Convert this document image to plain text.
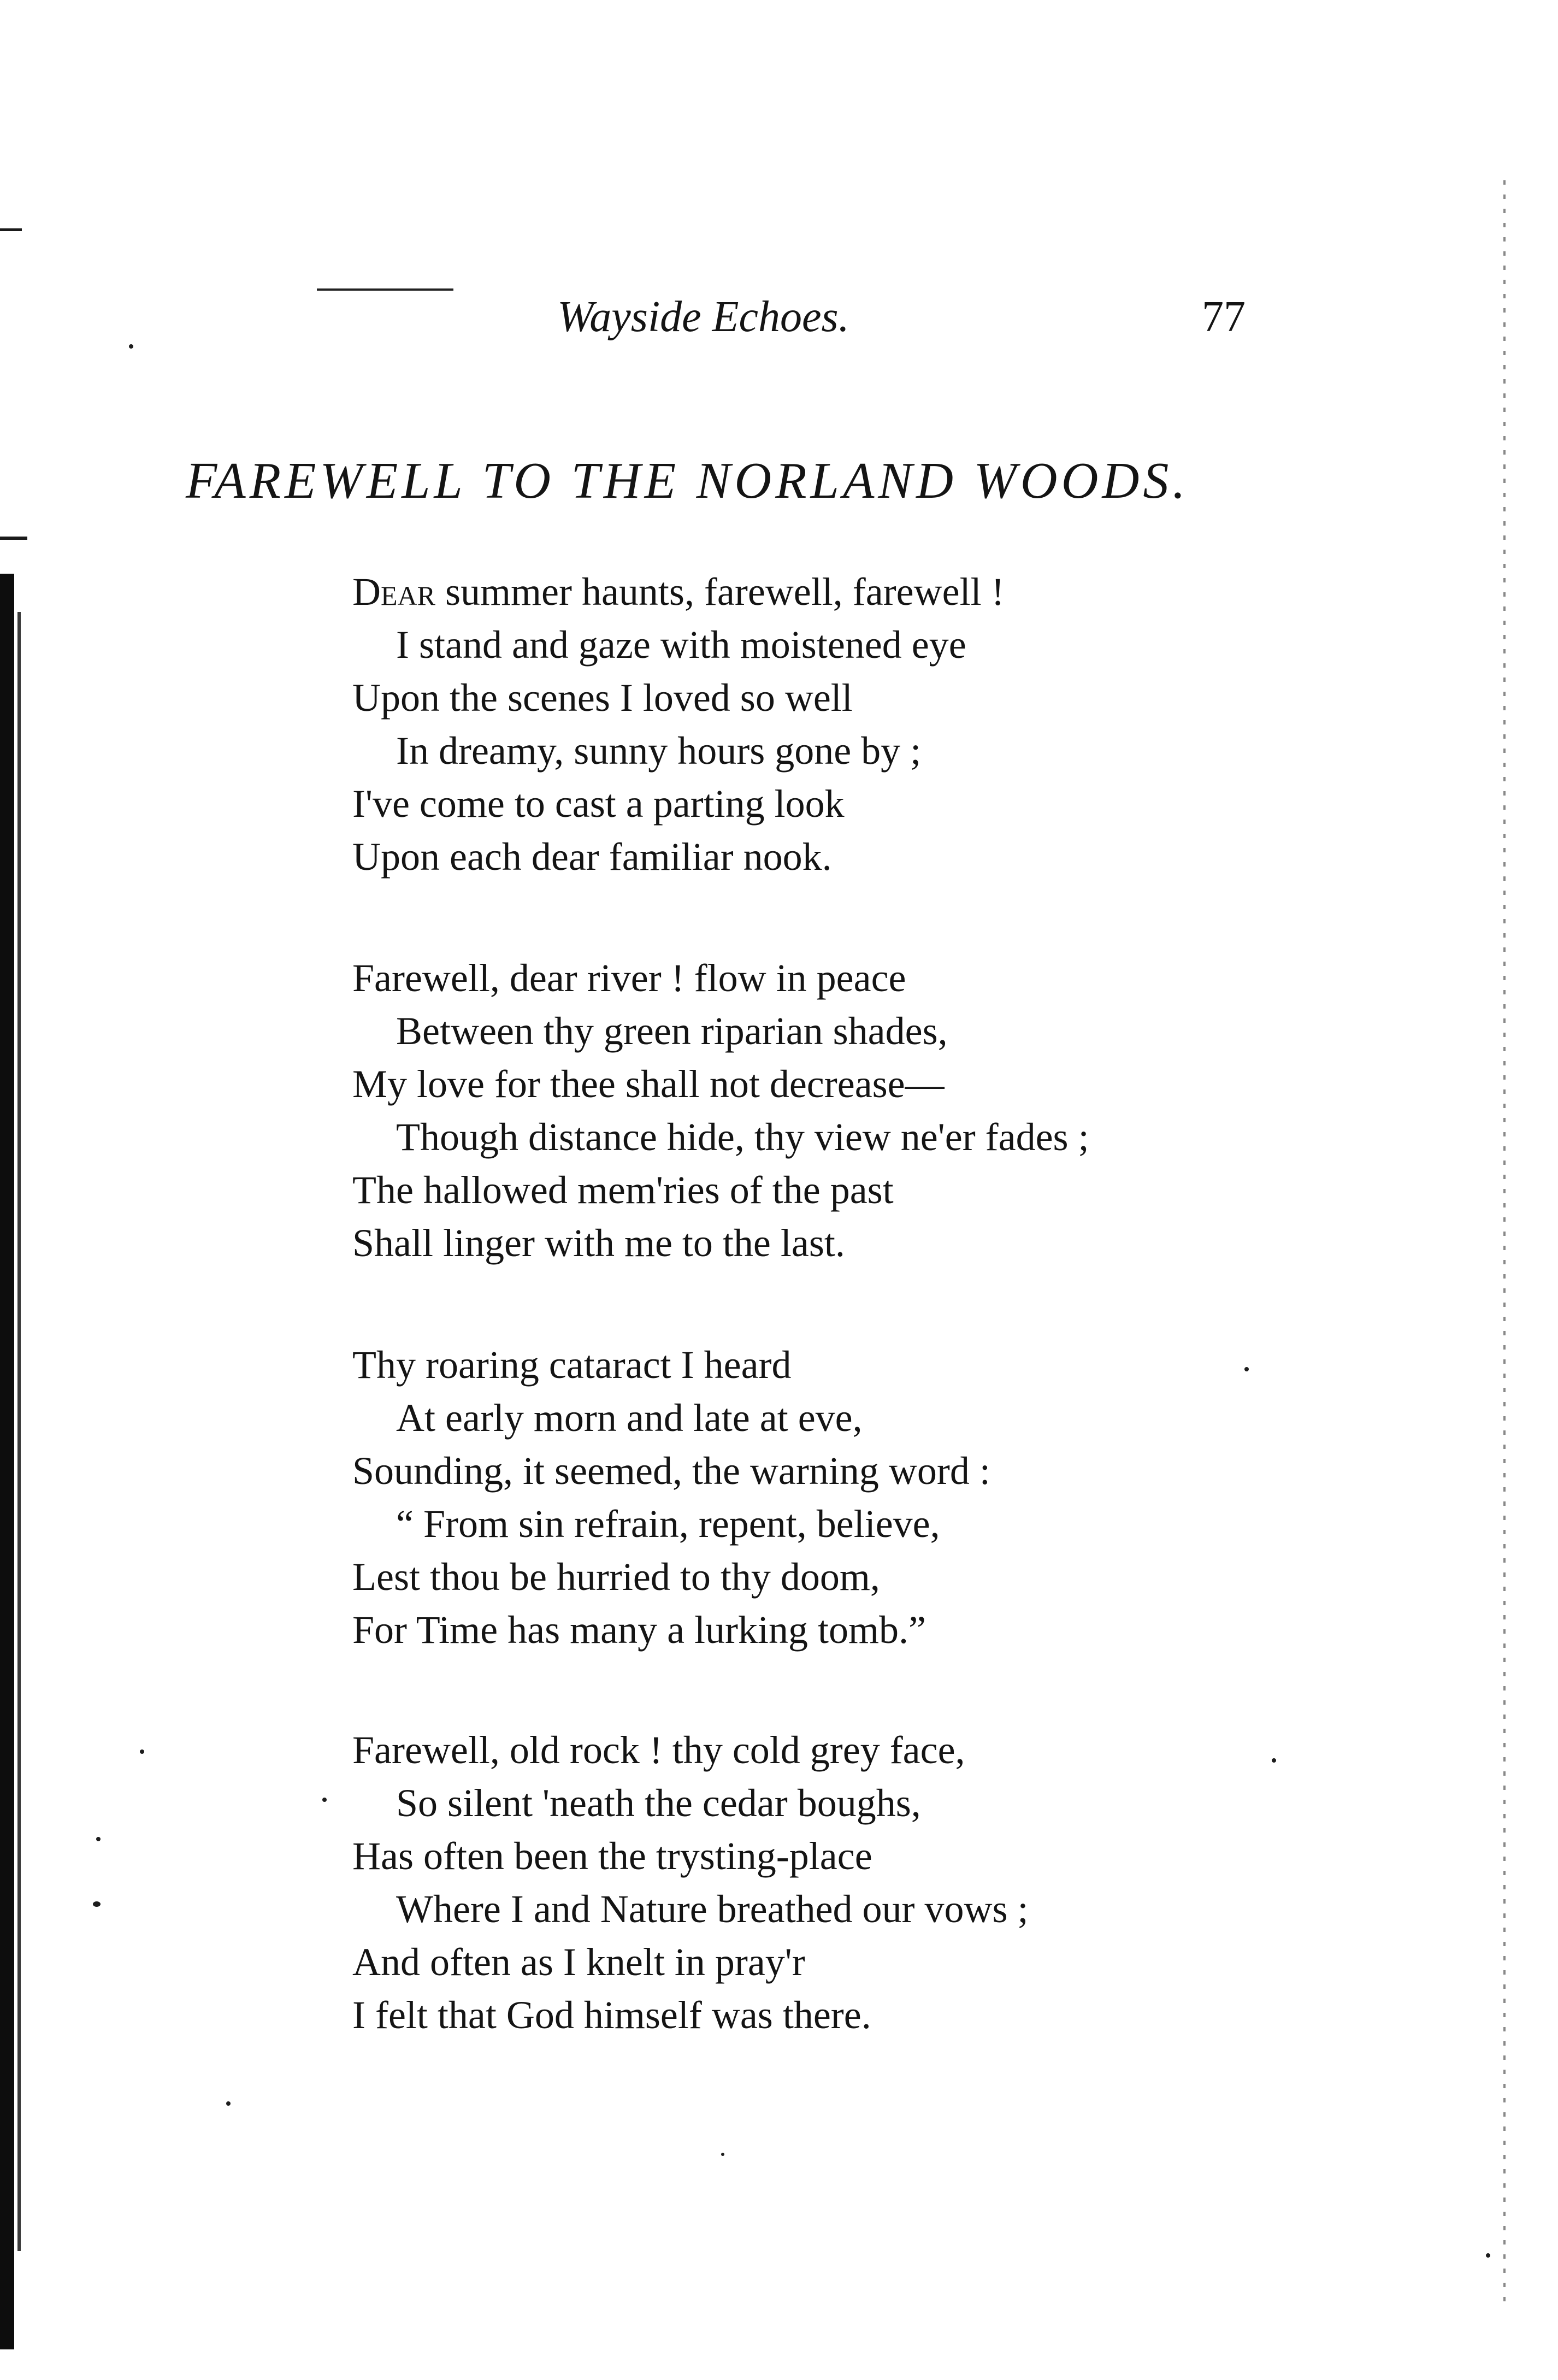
Wayside Echoes.	77
FAREWELL TO THE NORLAND WOODS.
Dear summer haunts, farewell, farewell !
I stand and gaze with moistened eye
Upon the scenes I loved so well
In dreamy, sunny hours gone by ;
I've come to cast a parting look
Upon each dear familiar nook.
Farewell, dear river ! flow in peace
Between thy green riparian shades,
My love for thee shall not decrease—
Though distance hide, thy view ne'er fades ;
The hallowed mem'ries of the past
Shall linger with me to the last.
Thy roaring cataract I heard
At early morn and late at eve,
Sounding, it seemed, the warning word :
“ From sin refrain, repent, believe,
Lest thou be hurried to thy doom,
For Time has many a lurking tomb.”
Farewell, old rock ! thy cold grey face,
So silent 'neath the cedar boughs,
Has often been the trysting-place
Where I and Nature breathed our vows ;
And often as I knelt in pray'r
I felt that God himself was there.
